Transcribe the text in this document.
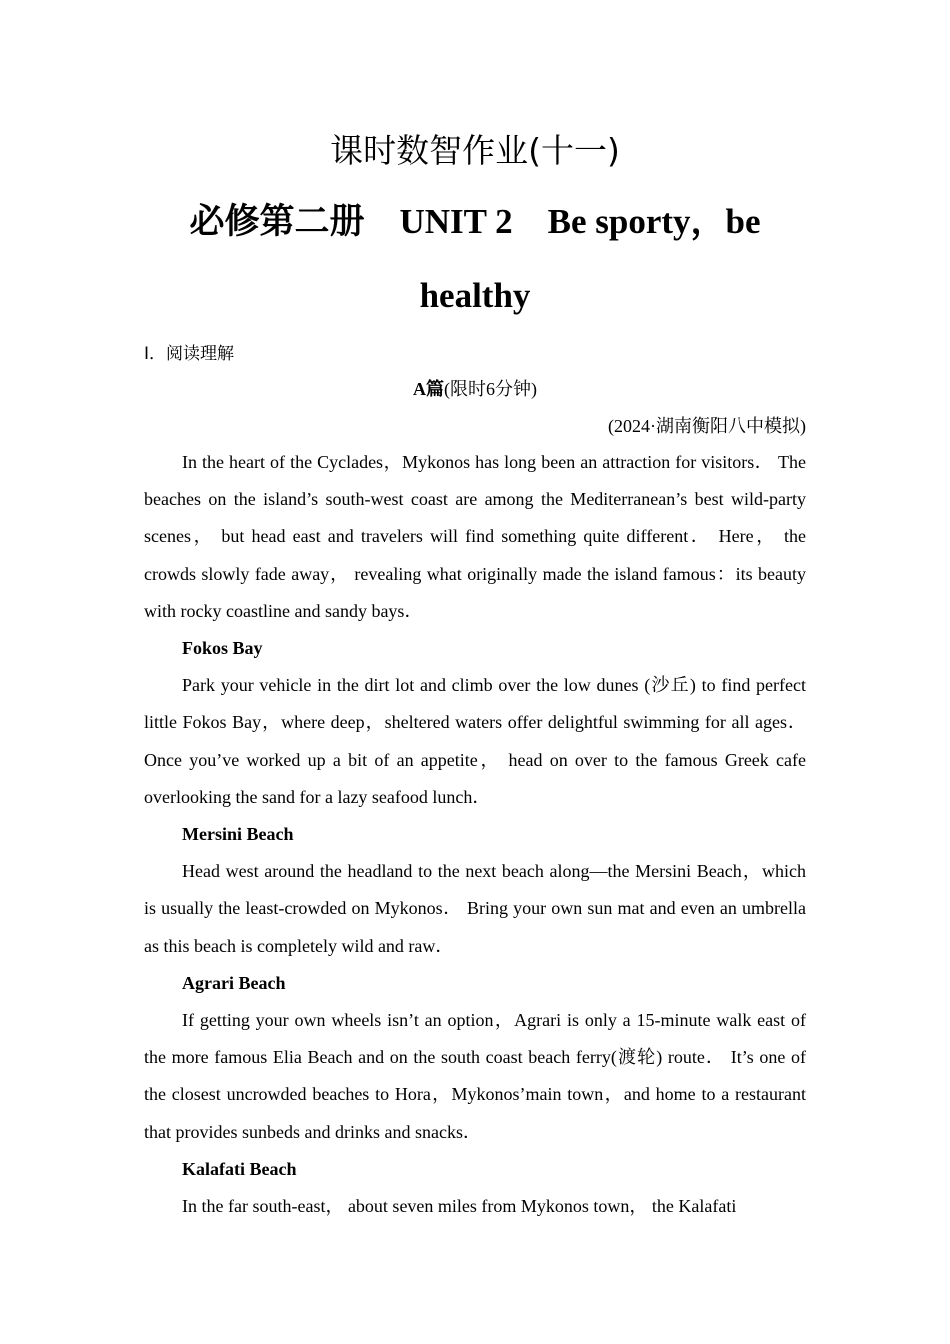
课时数智作业(十一)
必修第二册　UNIT 2　Be sporty，be
healthy
Ⅰ．阅读理解
A篇(限时6分钟)
(2024·湖南衡阳八中模拟)

In the heart of the Cyclades，Mykonos has long been an attraction for visitors． The beaches on the island’s south-west coast are among the Mediterranean’s best wild-party scenes， but head east and travelers will find something quite different． Here， the crowds slowly fade away， revealing what originally made the island famous：its beauty with rocky coastline and sandy bays．

Fokos Bay

Park your vehicle in the dirt lot and climb over the low dunes (沙丘) to find perfect little Fokos Bay，where deep，sheltered waters offer delightful swimming for all ages． Once you’ve worked up a bit of an appetite， head on over to the famous Greek cafe overlooking the sand for a lazy seafood lunch．

Mersini Beach

Head west around the headland to the next beach along—the Mersini Beach，which is usually the least-crowded on Mykonos． Bring your own sun mat and even an umbrella as this beach is completely wild and raw．

Agrari Beach

If getting your own wheels isn’t an option，Agrari is only a 15-minute walk east of the more famous Elia Beach and on the south coast beach ferry(渡轮) route． It’s one of the closest uncrowded beaches to Hora，Mykonos’main town，and home to a restaurant that provides sunbeds and drinks and snacks．

Kalafati Beach

In the far south-east， about seven miles from Mykonos town， the Kalafati
